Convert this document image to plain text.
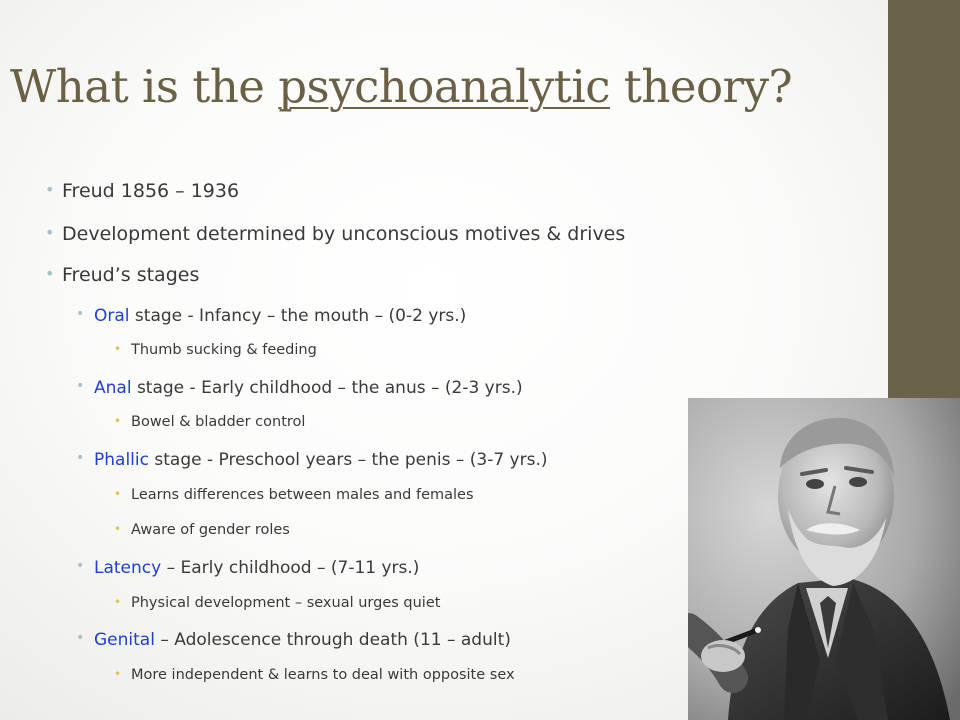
What is the psychoanalytic theory?
• Freud 1856 – 1936
• Development determined by unconscious motives & drives
• Freud’s stages
• Oral stage - Infancy – the mouth – (0-2 yrs.)
• Thumb sucking & feeding
• Anal stage - Early childhood – the anus – (2-3 yrs.)
• Bowel & bladder control
• Phallic stage - Preschool years – the penis – (3-7 yrs.)
• Learns differences between males and females
• Aware of gender roles
• Latency – Early childhood – (7-11 yrs.)
• Physical development – sexual urges quiet
• Genital – Adolescence through death (11 – adult)
• More independent & learns to deal with opposite sex
